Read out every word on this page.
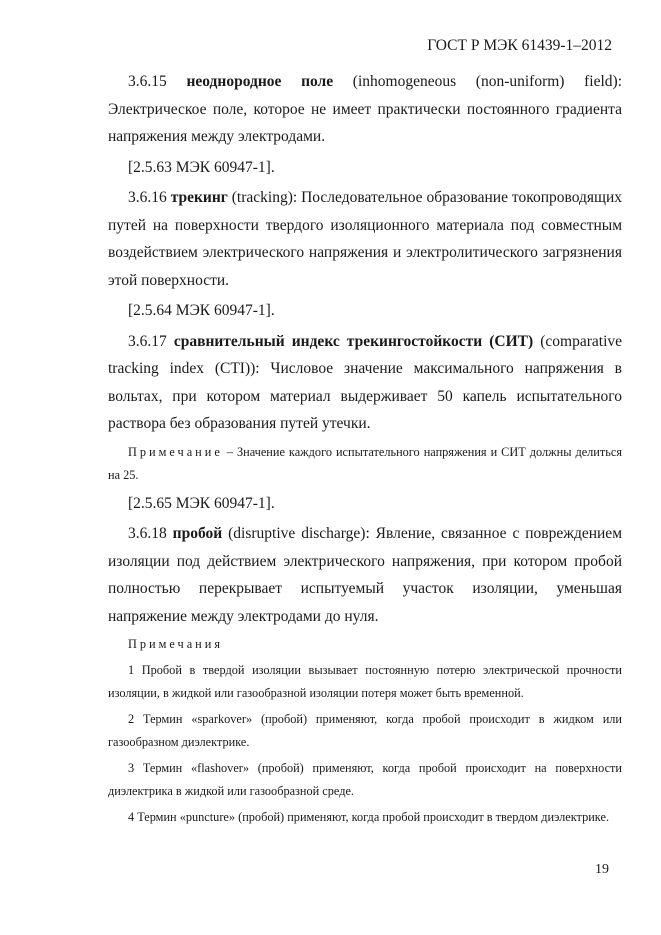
ГОСТ Р МЭК 61439-1–2012

3.6.15 неоднородное поле (inhomogeneous (non-uniform) field): Электрическое поле, которое не имеет практически постоянного градиента напряжения между электродами.

[2.5.63 МЭК 60947-1].

3.6.16 трекинг (tracking): Последовательное образование токопроводящих путей на поверхности твердого изоляционного материала под совместным воздействием электрического напряжения и электролитического загрязнения этой поверхности.

[2.5.64 МЭК 60947-1].

3.6.17 сравнительный индекс трекингостойкости (СИТ) (comparative tracking index (CTI)): Числовое значение максимального напряжения в вольтах, при котором материал выдерживает 50 капель испытательного раствора без образования путей утечки.

Примечание – Значение каждого испытательного напряжения и СИТ должны делиться на 25.

[2.5.65 МЭК 60947-1].

3.6.18 пробой (disruptive discharge): Явление, связанное с повреждением изоляции под действием электрического напряжения, при котором пробой полностью перекрывает испытуемый участок изоляции, уменьшая напряжение между электродами до нуля.

Примечания

1 Пробой в твердой изоляции вызывает постоянную потерю электрической прочности изоляции, в жидкой или газообразной изоляции потеря может быть временной.

2 Термин «sparkover» (пробой) применяют, когда пробой происходит в жидком или газообразном диэлектрике.

3 Термин «flashover» (пробой) применяют, когда пробой происходит на поверхности диэлектрика в жидкой или газообразной среде.

4 Термин «puncture» (пробой) применяют, когда пробой происходит в твердом диэлектрике.

19
